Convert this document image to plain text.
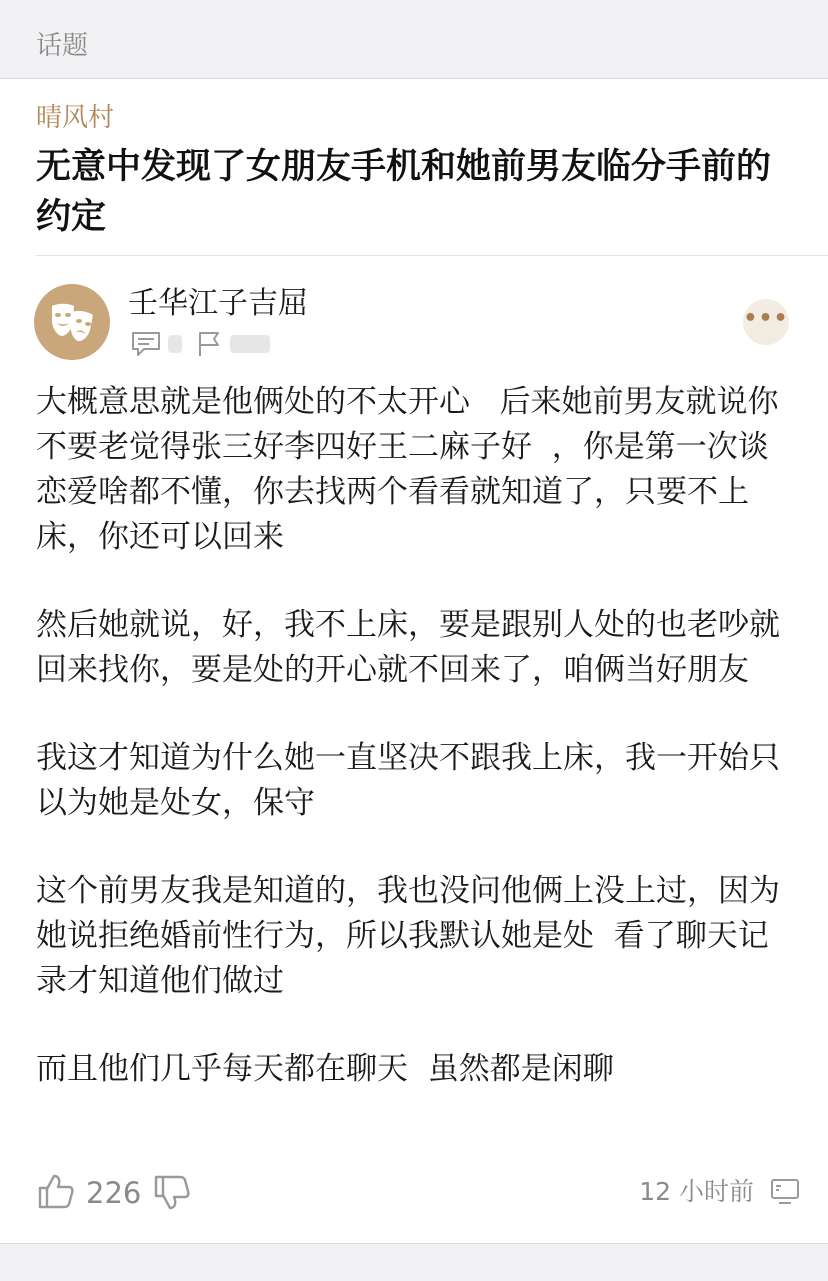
话题
晴风村
无意中发现了女朋友手机和她前男友临分手前的约定
壬华江子吉屈	•••

大概意思就是他俩处的不太开心   后来她前男友就说你不要老觉得张三好李四好王二麻子好  ，你是第一次谈恋爱啥都不懂，你去找两个看看就知道了，只要不上床，你还可以回来

然后她就说，好，我不上床，要是跟别人处的也老吵就回来找你，要是处的开心就不回来了，咱俩当好朋友

我这才知道为什么她一直坚决不跟我上床，我一开始只以为她是处女，保守

这个前男友我是知道的，我也没问他俩上没上过，因为她说拒绝婚前性行为，所以我默认她是处  看了聊天记录才知道他们做过

而且他们几乎每天都在聊天  虽然都是闲聊

226	12 小时前
